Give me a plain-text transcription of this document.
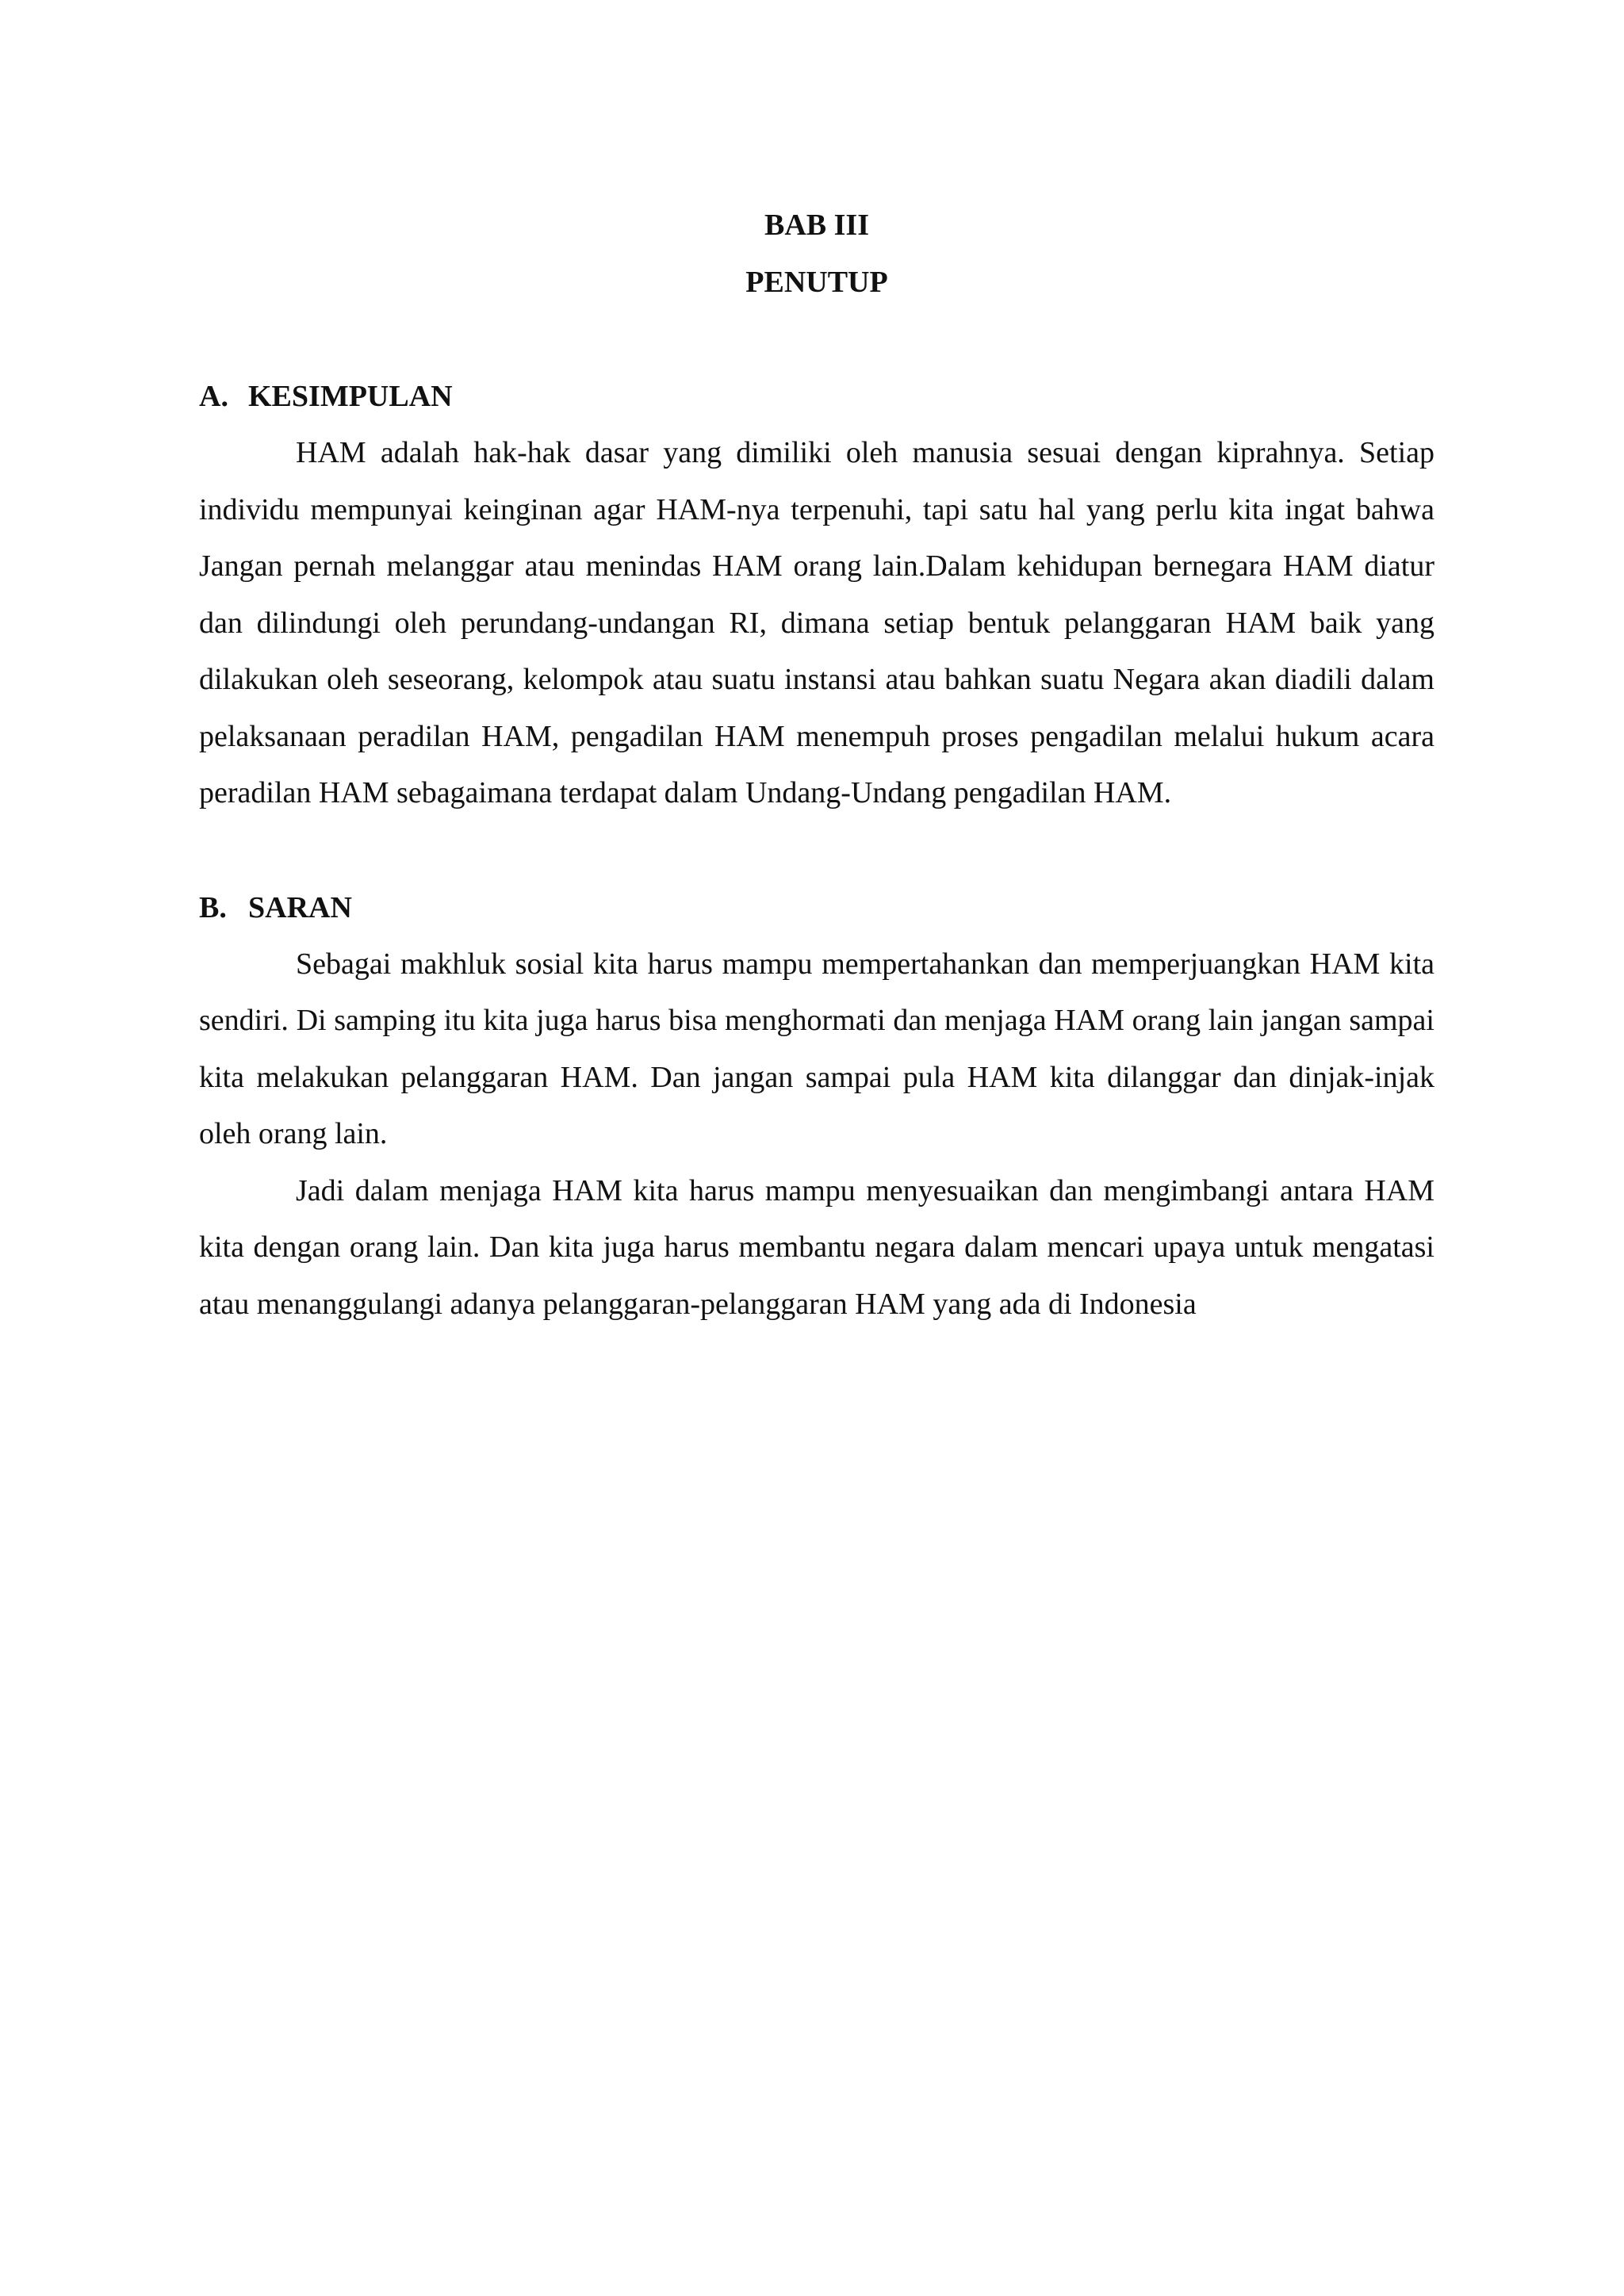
BAB III

PENUTUP

A. KESIMPULAN

HAM adalah hak-hak dasar yang dimiliki oleh manusia sesuai dengan kiprahnya. Setiap individu mempunyai keinginan agar HAM-nya terpenuhi, tapi satu hal yang perlu kita ingat bahwa Jangan pernah melanggar atau menindas HAM orang lain.Dalam kehidupan bernegara HAM diatur dan dilindungi oleh perundang-undangan RI, dimana setiap bentuk pelanggaran HAM baik yang dilakukan oleh seseorang, kelompok atau suatu instansi atau bahkan suatu Negara akan diadili dalam pelaksanaan peradilan HAM, pengadilan HAM menempuh proses pengadilan melalui hukum acara peradilan HAM sebagaimana terdapat dalam Undang-Undang pengadilan HAM.

B. SARAN

Sebagai makhluk sosial kita harus mampu mempertahankan dan memperjuangkan HAM kita sendiri. Di samping itu kita juga harus bisa menghormati dan menjaga HAM orang lain jangan sampai kita melakukan pelanggaran HAM. Dan jangan sampai pula HAM kita dilanggar dan dinjak-injak oleh orang lain.

Jadi dalam menjaga HAM kita harus mampu menyesuaikan dan mengimbangi antara HAM kita dengan orang lain. Dan kita juga harus membantu negara dalam mencari upaya untuk mengatasi atau menanggulangi adanya pelanggaran-pelanggaran HAM yang ada di Indonesia
